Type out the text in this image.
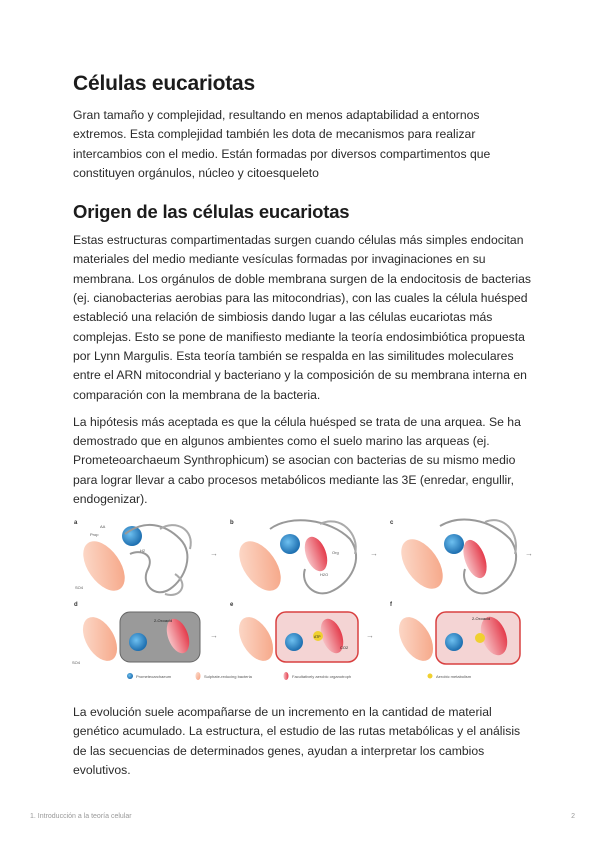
Células eucariotas

Gran tamaño y complejidad, resultando en menos adaptabilidad a entornos extremos. Esta complejidad también les dota de mecanismos para realizar intercambios con el medio. Están formadas por diversos compartimentos que constituyen orgánulos, núcleo y citoesqueleto

Origen de las células eucariotas

Estas estructuras compartimentadas surgen cuando células más simples endocitan materiales del medio mediante vesículas formadas por invaginaciones en su membrana. Los orgánulos de doble membrana surgen de la endocitosis de bacterias (ej. cianobacterias aerobias para las mitocondrias), con las cuales la célula huésped estableció una relación de simbiosis dando lugar a las células eucariotas más complejas. Esto se pone de manifiesto mediante la teoría endosimbiótica propuesta por Lynn Margulis. Esta teoría también se respalda en las similitudes moleculares entre el ARN mitocondrial y bacteriano y la composición de su membrana interna en comparación con la membrana de la bacteria.

La hipótesis más aceptada es que la célula huésped se trata de una arquea. Se ha demostrado que en algunos ambientes como el suelo marino las arqueas (ej. Prometeoarchaeum Synthrophicum) se asocian con bacterias de su mismo medio para lograr llevar a cabo procesos metabólicos mediante las 3E (enredar, engullir, endogenizar).

a
AA
Prop
H2
SO4
→
b
Org
H2O
→
c
→
d
2-Oxoacid
SO4
→
e
ATP
CO2
→
f
2-Oxoacid
Prometeoarchaeum	Sulphate-reducing bacteria	Facultatively aerobic organotroph	Aerobic metabolism

La evolución suele acompañarse de un incremento en la cantidad de material genético acumulado. La estructura, el estudio de las rutas metabólicas y el análisis de las secuencias de determinados genes, ayudan a interpretar los cambios evolutivos.

1. Introducción a la teoría celular	2
